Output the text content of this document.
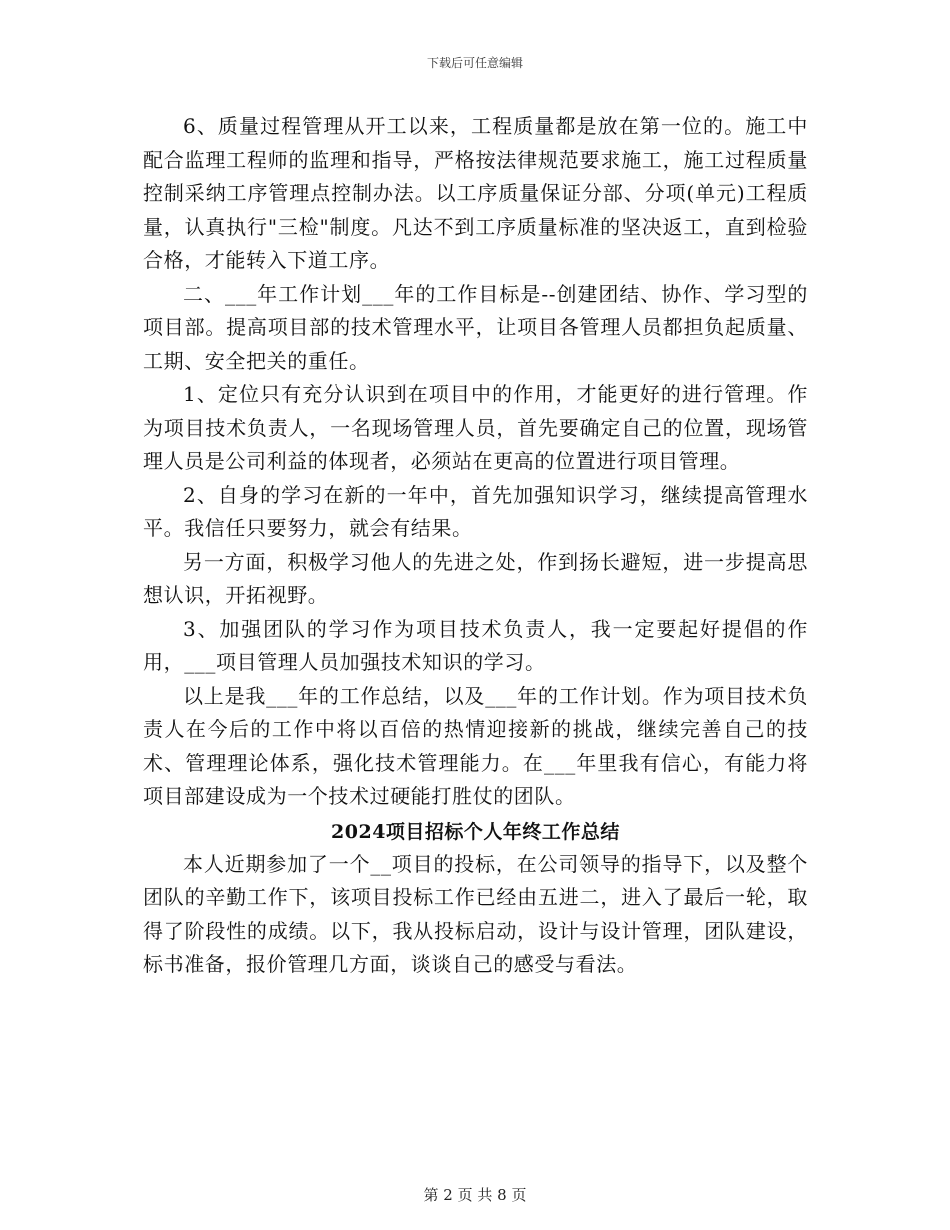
下载后可任意编辑

6、质量过程管理从开工以来，工程质量都是放在第一位的。施工中配合监理工程师的监理和指导，严格按法律规范要求施工，施工过程质量控制采纳工序管理点控制办法。以工序质量保证分部、分项(单元)工程质量，认真执行"三检"制度。凡达不到工序质量标准的坚决返工，直到检验合格，才能转入下道工序。

二、___年工作计划___年的工作目标是--创建团结、协作、学习型的项目部。提高项目部的技术管理水平，让项目各管理人员都担负起质量、工期、安全把关的重任。

1、定位只有充分认识到在项目中的作用，才能更好的进行管理。作为项目技术负责人，一名现场管理人员，首先要确定自己的位置，现场管理人员是公司利益的体现者，必须站在更高的位置进行项目管理。

2、自身的学习在新的一年中，首先加强知识学习，继续提高管理水平。我信任只要努力，就会有结果。

另一方面，积极学习他人的先进之处，作到扬长避短，进一步提高思想认识，开拓视野。

3、加强团队的学习作为项目技术负责人，我一定要起好提倡的作用，___项目管理人员加强技术知识的学习。

以上是我___年的工作总结，以及___年的工作计划。作为项目技术负责人在今后的工作中将以百倍的热情迎接新的挑战，继续完善自己的技术、管理理论体系，强化技术管理能力。在___年里我有信心，有能力将项目部建设成为一个技术过硬能打胜仗的团队。

2024项目招标个人年终工作总结

本人近期参加了一个__项目的投标，在公司领导的指导下，以及整个团队的辛勤工作下，该项目投标工作已经由五进二，进入了最后一轮，取得了阶段性的成绩。以下，我从投标启动，设计与设计管理，团队建设，标书准备，报价管理几方面，谈谈自己的感受与看法。

第 2 页 共 8 页
